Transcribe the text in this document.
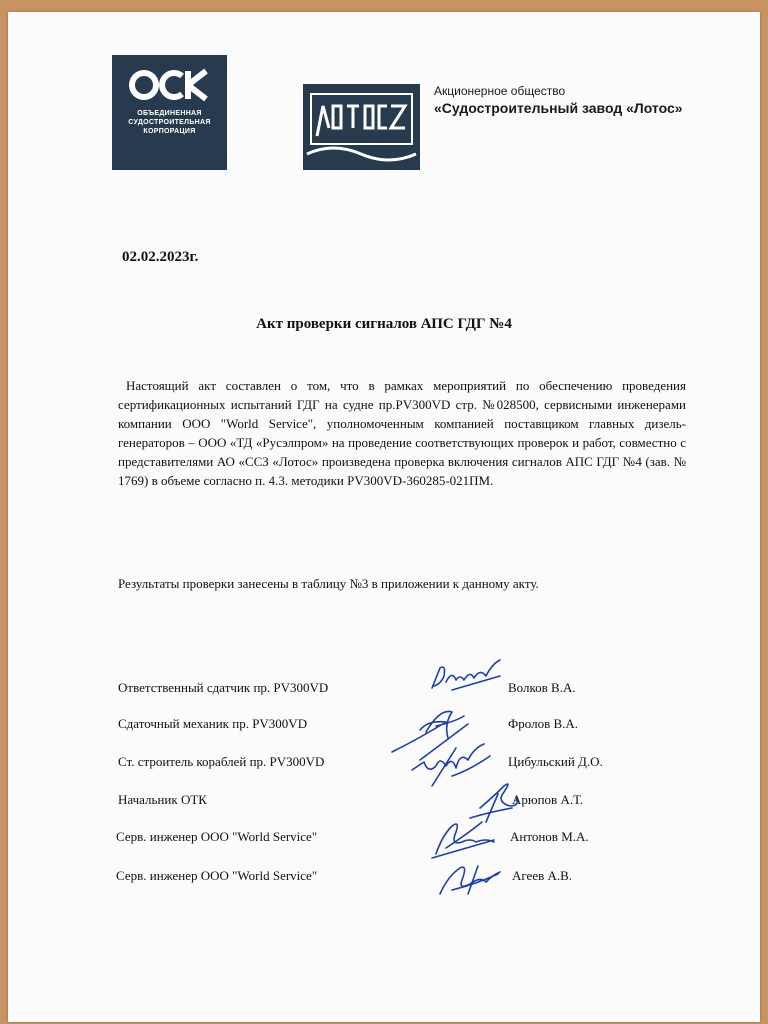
ОБЪЕДИНЕННАЯ
СУДОСТРОИТЕЛЬНАЯ
КОРПОРАЦИЯ
Акционерное общество
«Судостроительный завод «Лотос»
02.02.2023г.
Акт проверки сигналов АПС ГДГ №4

Настоящий акт составлен о том, что в рамках мероприятий по обеспечению проведения сертификационных испытаний ГДГ на судне пр.PV300VD стр. №028500, сервисными инженерами компании ООО "World Service", уполномоченным компанией поставщиком главных дизель-генераторов – ООО «ТД «Русэлпром» на проведение соответствующих проверок и работ, совместно с представителями АО «ССЗ «Лотос» произведена проверка включения сигналов АПС ГДГ №4 (зав. № 1769) в объеме согласно п. 4.3. методики PV300VD-360285-021ПМ.

Результаты проверки занесены в таблицу №3 в приложении к данному акту.
Ответственный сдатчик пр. PV300VD	Волков В.А.
Сдаточный механик пр. PV300VD	Фролов В.А.
Ст. строитель кораблей пр. PV300VD	Цибульский Д.О.
Начальник ОТК	Арюпов А.Т.
Серв. инженер ООО "World Service"	Антонов М.А.
Серв. инженер ООО "World Service"	Агеев А.В.
